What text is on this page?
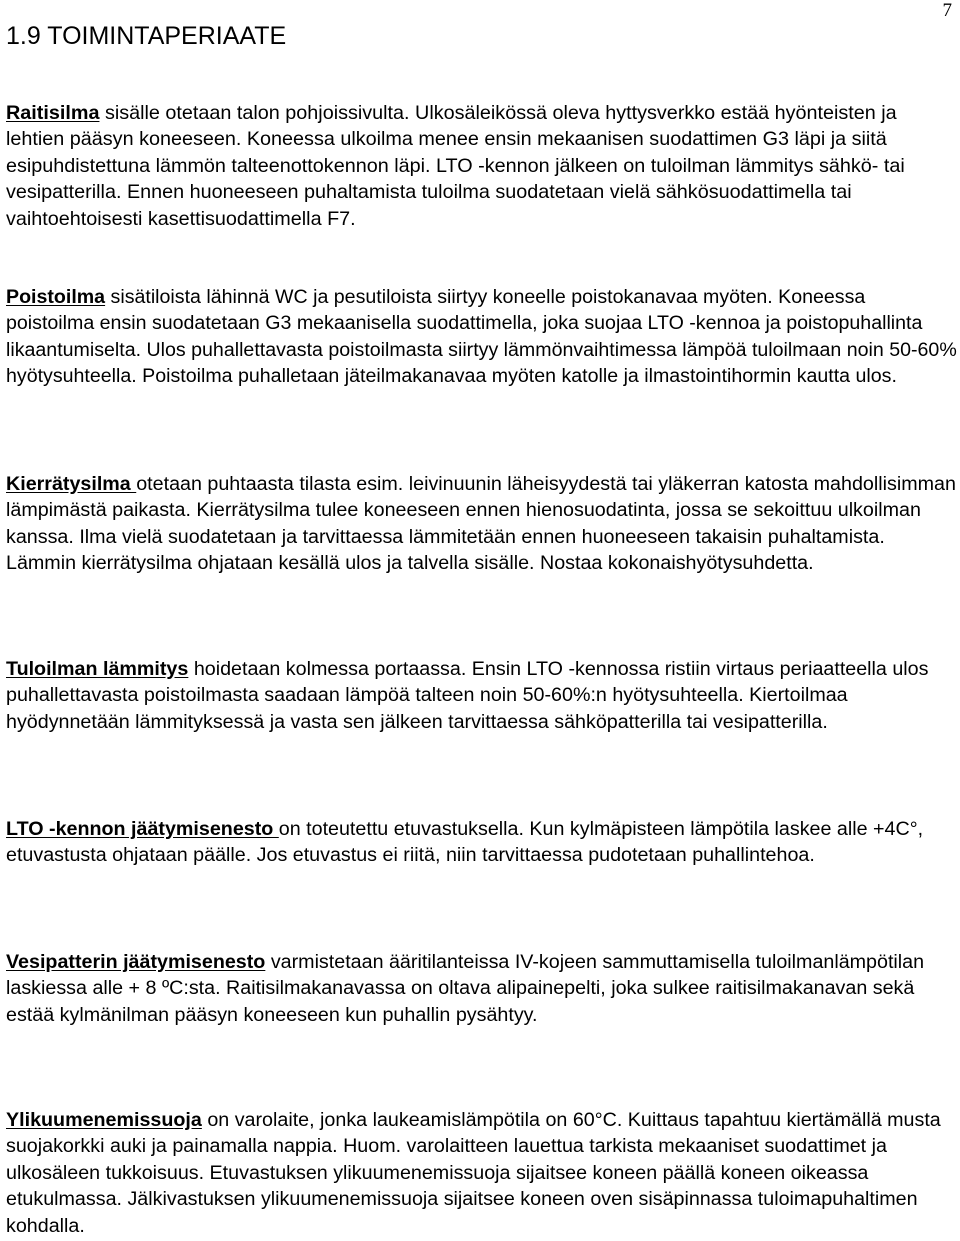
7
1.9 TOIMINTAPERIAATE

Raitisilma sisälle otetaan talon pohjoissivulta. Ulkosäleikössä oleva hyttysverkko estää hyönteisten ja lehtien pääsyn koneeseen. Koneessa ulkoilma menee ensin mekaanisen suodattimen G3 läpi ja siitä esipuhdistettuna lämmön talteenottokennon läpi. LTO -kennon jälkeen on tuloilman lämmitys sähkö- tai vesipatterilla. Ennen huoneeseen puhaltamista tuloilma suodatetaan vielä sähkösuodattimella tai vaihtoehtoisesti kasettisuodattimella F7.

Poistoilma sisätiloista lähinnä WC ja pesutiloista siirtyy koneelle poistokanavaa myöten. Koneessa poistoilma ensin suodatetaan G3 mekaanisella suodattimella, joka suojaa LTO -kennoa ja poistopuhallinta likaantumiselta. Ulos puhallettavasta poistoilmasta siirtyy lämmönvaihtimessa lämpöä tuloilmaan noin 50-60% hyötysuhteella. Poistoilma puhalletaan jäteilmakanavaa myöten katolle ja ilmastointihormin kautta ulos.

Kierrätysilma otetaan puhtaasta tilasta esim. leivinuunin läheisyydestä tai yläkerran katosta mahdollisimman lämpimästä paikasta. Kierrätysilma tulee koneeseen ennen hienosuodatinta, jossa se sekoittuu ulkoilman kanssa. Ilma vielä suodatetaan ja tarvittaessa lämmitetään ennen huoneeseen takaisin puhaltamista. Lämmin kierrätysilma ohjataan kesällä ulos ja talvella sisälle. Nostaa kokonaishyötysuhdetta.

Tuloilman lämmitys hoidetaan kolmessa portaassa. Ensin LTO -kennossa ristiin virtaus periaatteella ulos puhallettavasta poistoilmasta saadaan lämpöä talteen noin 50-60%:n hyötysuhteella. Kiertoilmaa hyödynnetään lämmityksessä ja vasta sen jälkeen tarvittaessa sähköpatterilla tai vesipatterilla.

LTO -kennon jäätymisenesto on toteutettu etuvastuksella. Kun kylmäpisteen lämpötila laskee alle +4C°, etuvastusta ohjataan päälle. Jos etuvastus ei riitä, niin tarvittaessa pudotetaan puhallintehoa.

Vesipatterin jäätymisenesto varmistetaan ääritilanteissa IV-kojeen sammuttamisella tuloilmanlämpötilan laskiessa alle + 8 ºC:sta. Raitisilmakanavassa on oltava alipainepelti, joka sulkee raitisilmakanavan sekä estää kylmänilman pääsyn koneeseen kun puhallin pysähtyy.

Ylikuumenemissuoja on varolaite, jonka laukeamislämpötila on 60°C. Kuittaus tapahtuu kiertämällä musta suojakorkki auki ja painamalla nappia. Huom. varolaitteen lauettua tarkista mekaaniset suodattimet ja ulkosäleen tukkoisuus. Etuvastuksen ylikuumenemissuoja sijaitsee koneen päällä koneen oikeassa etukulmassa. Jälkivastuksen ylikuumenemissuoja sijaitsee koneen oven sisäpinnassa tuloimapuhaltimen kohdalla.
